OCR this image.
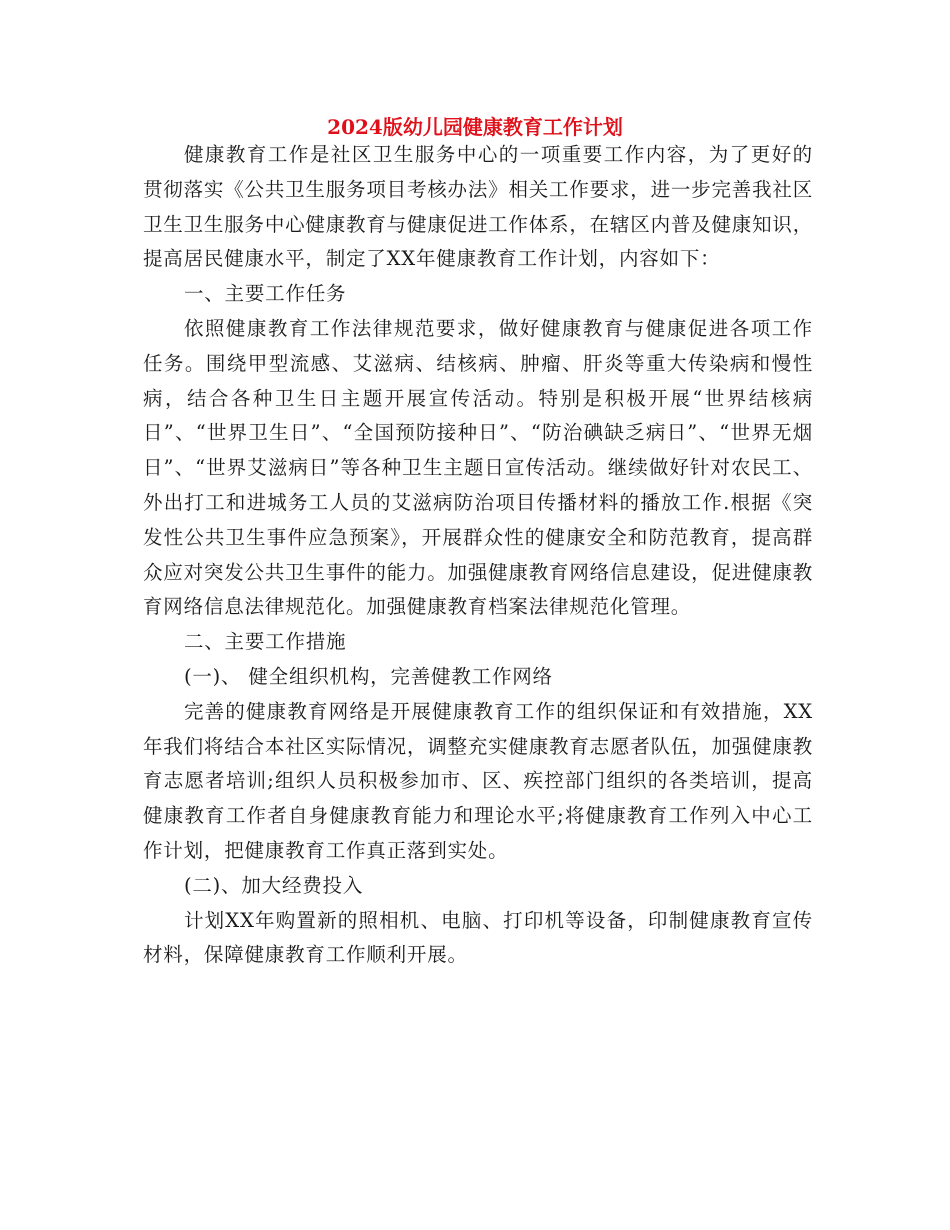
2024版幼儿园健康教育工作计划

健康教育工作是社区卫生服务中心的一项重要工作内容，为了更好的贯彻落实《公共卫生服务项目考核办法》相关工作要求，进一步完善我社区卫生卫生服务中心健康教育与健康促进工作体系，在辖区内普及健康知识，提高居民健康水平，制定了XX年健康教育工作计划，内容如下：

一、主要工作任务

依照健康教育工作法律规范要求，做好健康教育与健康促进各项工作任务。围绕甲型流感、艾滋病、结核病、肿瘤、肝炎等重大传染病和慢性病，结合各种卫生日主题开展宣传活动。特别是积极开展“世界结核病日”、“世界卫生日”、“全国预防接种日”、“防治碘缺乏病日”、“世界无烟日”、“世界艾滋病日”等各种卫生主题日宣传活动。继续做好针对农民工、外出打工和进城务工人员的艾滋病防治项目传播材料的播放工作.根据《突发性公共卫生事件应急预案》，开展群众性的健康安全和防范教育，提高群众应对突发公共卫生事件的能力。加强健康教育网络信息建设，促进健康教育网络信息法律规范化。加强健康教育档案法律规范化管理。

二、主要工作措施

(一)、 健全组织机构，完善健教工作网络

完善的健康教育网络是开展健康教育工作的组织保证和有效措施，XX年我们将结合本社区实际情况，调整充实健康教育志愿者队伍，加强健康教育志愿者培训;组织人员积极参加市、区、疾控部门组织的各类培训，提高健康教育工作者自身健康教育能力和理论水平;将健康教育工作列入中心工作计划，把健康教育工作真正落到实处。

(二)、加大经费投入

计划XX年购置新的照相机、电脑、打印机等设备，印制健康教育宣传材料，保障健康教育工作顺利开展。
